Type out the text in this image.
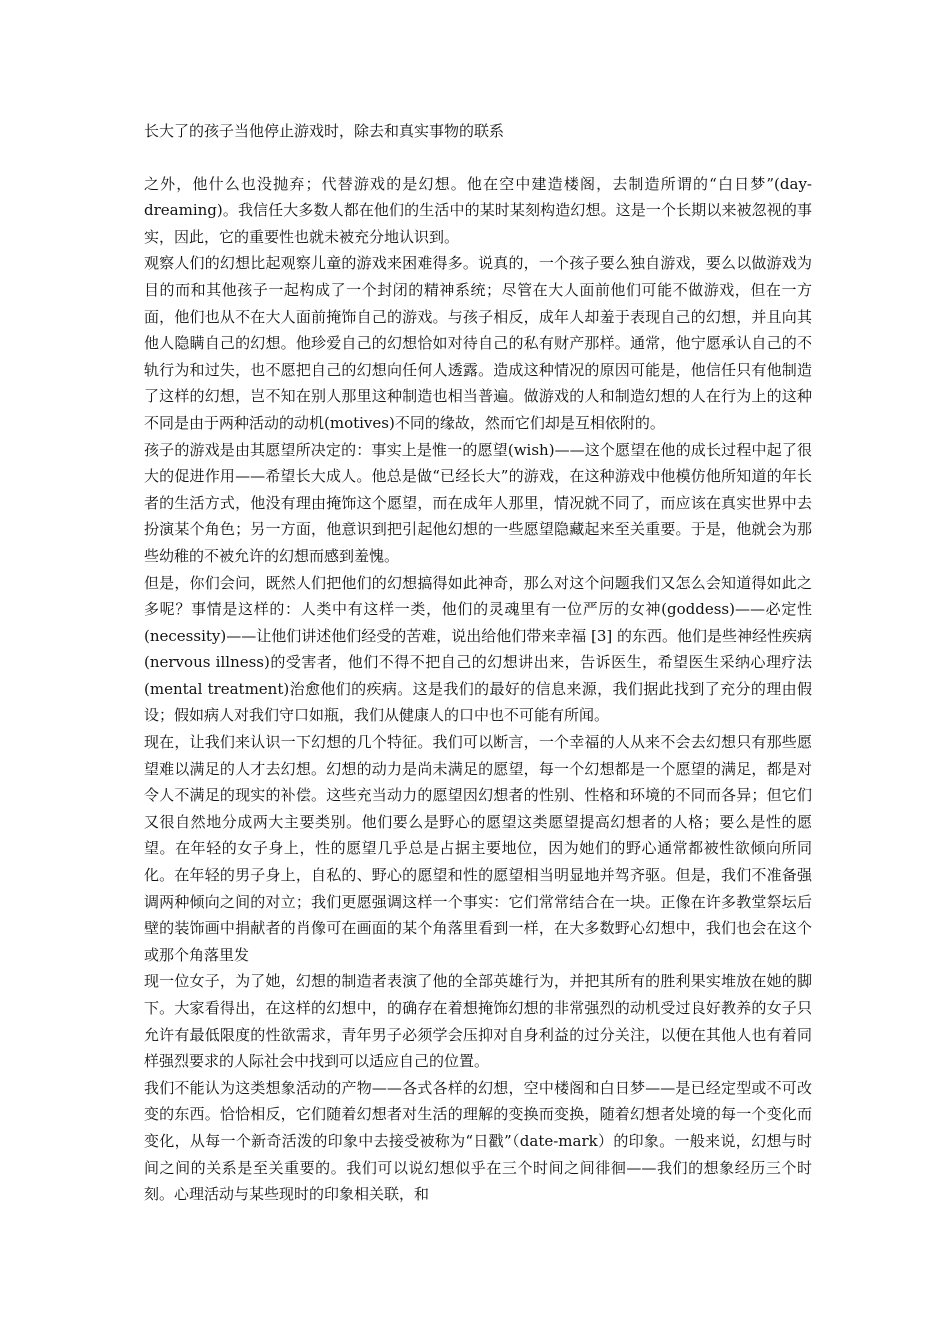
长大了的孩子当他停止游戏时，除去和真实事物的联系

之外，他什么也没抛弃；代替游戏的是幻想。他在空中建造楼阁，去制造所谓的“白日梦”(day-dreaming)。我信任大多数人都在他们的生活中的某时某刻构造幻想。这是一个长期以来被忽视的事实，因此，它的重要性也就未被充分地认识到。

观察人们的幻想比起观察儿童的游戏来困难得多。说真的，一个孩子要么独自游戏，要么以做游戏为目的而和其他孩子一起构成了一个封闭的精神系统；尽管在大人面前他们可能不做游戏，但在一方面，他们也从不在大人面前掩饰自己的游戏。与孩子相反，成年人却羞于表现自己的幻想，并且向其他人隐瞒自己的幻想。他珍爱自己的幻想恰如对待自己的私有财产那样。通常，他宁愿承认自己的不轨行为和过失，也不愿把自己的幻想向任何人透露。造成这种情况的原因可能是，他信任只有他制造了这样的幻想，岂不知在别人那里这种制造也相当普遍。做游戏的人和制造幻想的人在行为上的这种不同是由于两种活动的动机(motives)不同的缘故，然而它们却是互相依附的。

孩子的游戏是由其愿望所决定的：事实上是惟一的愿望(wish)——这个愿望在他的成长过程中起了很大的促进作用——希望长大成人。他总是做“已经长大”的游戏，在这种游戏中他模仿他所知道的年长者的生活方式，他没有理由掩饰这个愿望，而在成年人那里，情况就不同了，而应该在真实世界中去扮演某个角色；另一方面，他意识到把引起他幻想的一些愿望隐藏起来至关重要。于是，他就会为那些幼稚的不被允许的幻想而感到羞愧。

但是，你们会问，既然人们把他们的幻想搞得如此神奇，那么对这个问题我们又怎么会知道得如此之多呢？事情是这样的：人类中有这样一类，他们的灵魂里有一位严厉的女神(goddess)——必定性(necessity)——让他们讲述他们经受的苦难，说出给他们带来幸福 [3] 的东西。他们是些神经性疾病(nervous illness)的受害者，他们不得不把自己的幻想讲出来，告诉医生，希望医生采纳心理疗法(mental treatment)治愈他们的疾病。这是我们的最好的信息来源，我们据此找到了充分的理由假设；假如病人对我们守口如瓶，我们从健康人的口中也不可能有所闻。

现在，让我们来认识一下幻想的几个特征。我们可以断言，一个幸福的人从来不会去幻想只有那些愿望难以满足的人才去幻想。幻想的动力是尚未满足的愿望，每一个幻想都是一个愿望的满足，都是对令人不满足的现实的补偿。这些充当动力的愿望因幻想者的性别、性格和环境的不同而各异；但它们又很自然地分成两大主要类别。他们要么是野心的愿望这类愿望提高幻想者的人格；要么是性的愿望。在年轻的女子身上，性的愿望几乎总是占据主要地位，因为她们的野心通常都被性欲倾向所同化。在年轻的男子身上，自私的、野心的愿望和性的愿望相当明显地并驾齐驱。但是，我们不准备强调两种倾向之间的对立；我们更愿强调这样一个事实：它们常常结合在一块。正像在许多教堂祭坛后壁的装饰画中捐献者的肖像可在画面的某个角落里看到一样，在大多数野心幻想中，我们也会在这个或那个角落里发

现一位女子，为了她，幻想的制造者表演了他的全部英雄行为，并把其所有的胜利果实堆放在她的脚下。大家看得出，在这样的幻想中，的确存在着想掩饰幻想的非常强烈的动机受过良好教养的女子只允许有最低限度的性欲需求，青年男子必须学会压抑对自身利益的过分关注，以便在其他人也有着同样强烈要求的人际社会中找到可以适应自己的位置。

我们不能认为这类想象活动的产物——各式各样的幻想，空中楼阁和白日梦——是已经定型或不可改变的东西。恰恰相反，它们随着幻想者对生活的理解的变换而变换，随着幻想者处境的每一个变化而变化，从每一个新奇活泼的印象中去接受被称为“日戳”（date-mark）的印象。一般来说，幻想与时间之间的关系是至关重要的。我们可以说幻想似乎在三个时间之间徘徊——我们的想象经历三个时刻。心理活动与某些现时的印象相关联，和
